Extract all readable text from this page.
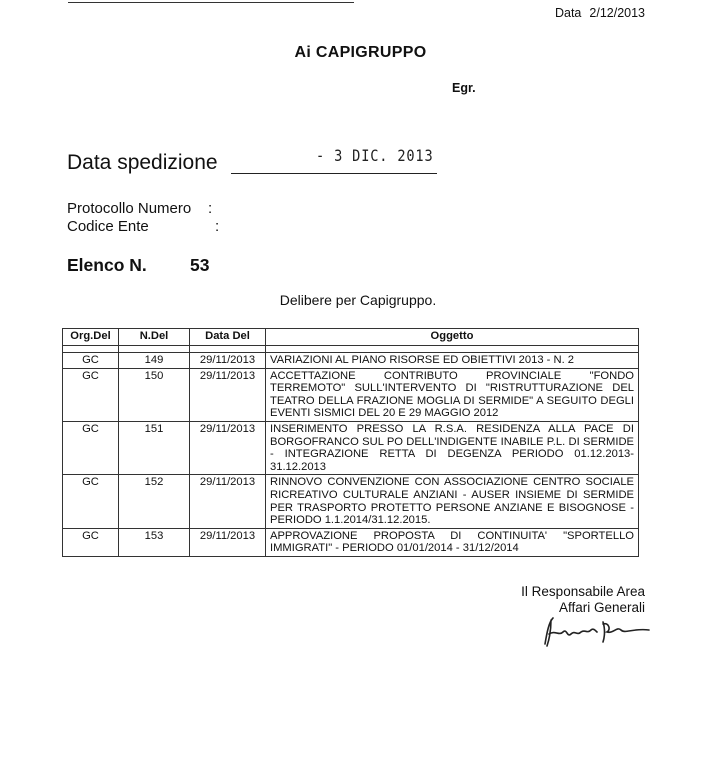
Data 2/12/2013
Ai CAPIGRUPPO
Egr.
Data spedizione	- 3 DIC. 2013
Protocollo Numero :
Codice Ente	:
Elenco N. 53
Delibere per Capigruppo.
Org.Del	N.Del	Data Del	Oggetto

GC	149	29/11/2013	VARIAZIONI AL PIANO RISORSE ED OBIETTIVI 2013 - N. 2
GC	150	29/11/2013	ACCETTAZIONE CONTRIBUTO PROVINCIALE "FONDO TERREMOTO" SULL'INTERVENTO DI "RISTRUTTURAZIONE DEL TEATRO DELLA FRAZIONE MOGLIA DI SERMIDE" A SEGUITO DEGLI EVENTI SISMICI DEL 20 E 29 MAGGIO 2012
GC	151	29/11/2013	INSERIMENTO PRESSO LA R.S.A. RESIDENZA ALLA PACE DI BORGOFRANCO SUL PO DELL'INDIGENTE INABILE P.L. DI SERMIDE - INTEGRAZIONE RETTA DI DEGENZA PERIODO 01.12.2013-31.12.2013
GC	152	29/11/2013	RINNOVO CONVENZIONE CON ASSOCIAZIONE CENTRO SOCIALE RICREATIVO CULTURALE ANZIANI - AUSER INSIEME DI SERMIDE PER TRASPORTO PROTETTO PERSONE ANZIANE E BISOGNOSE - PERIODO 1.1.2014/31.12.2015.
GC	153	29/11/2013	APPROVAZIONE PROPOSTA DI CONTINUITA' "SPORTELLO IMMIGRATI" - PERIODO 01/01/2014 - 31/12/2014
Il Responsabile Area
Affari Generali
